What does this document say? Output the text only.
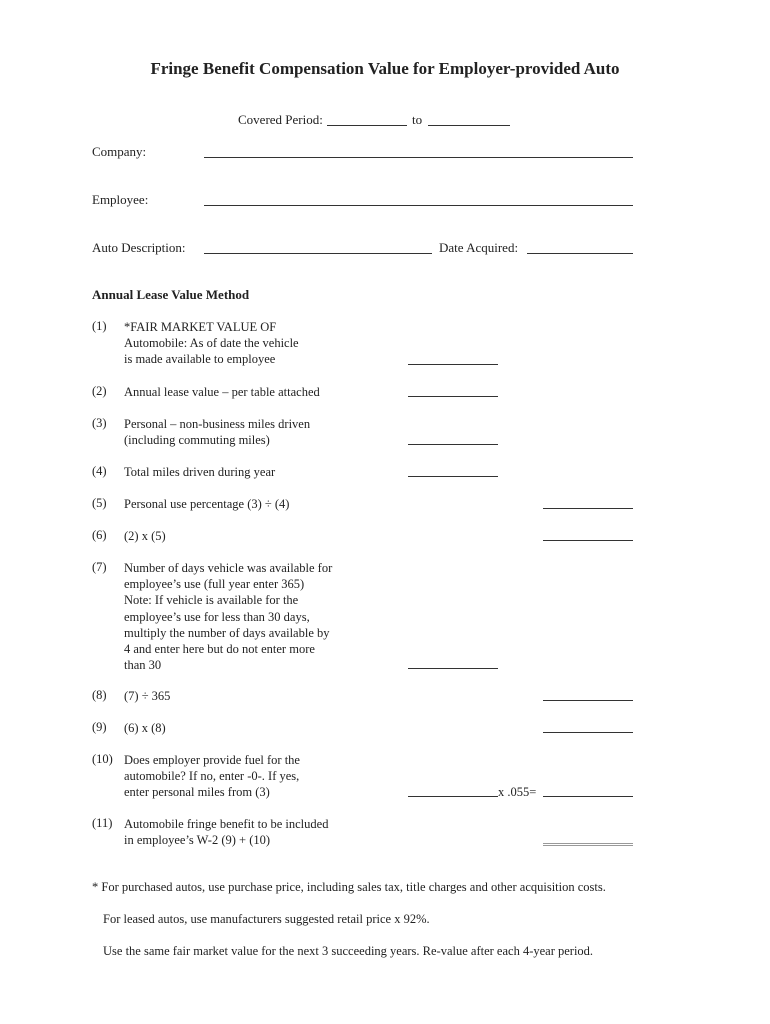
Fringe Benefit Compensation Value for Employer-provided Auto
Covered Period:	to
Company:
Employee:
Auto Description:	Date Acquired:
Annual Lease Value Method
(1) *FAIR MARKET VALUE OF
Automobile: As of date the vehicle
is made available to employee
(2) Annual lease value – per table attached
(3) Personal – non-business miles driven
(including commuting miles)
(4) Total miles driven during year
(5) Personal use percentage (3) ÷ (4)
(6) (2) x (5)
(7) Number of days vehicle was available for
employee’s use (full year enter 365)
Note: If vehicle is available for the
employee’s use for less than 30 days,
multiply the number of days available by
4 and enter here but do not enter more
than 30
(8) (7) ÷ 365
(9) (6) x (8)
(10) Does employer provide fuel for the
automobile? If no, enter -0-. If yes,
enter personal miles from (3)	x .055=
(11) Automobile fringe benefit to be included
in employee’s W-2 (9) + (10)
* For purchased autos, use purchase price, including sales tax, title charges and other acquisition costs.
For leased autos, use manufacturers suggested retail price x 92%.
Use the same fair market value for the next 3 succeeding years. Re-value after each 4-year period.
